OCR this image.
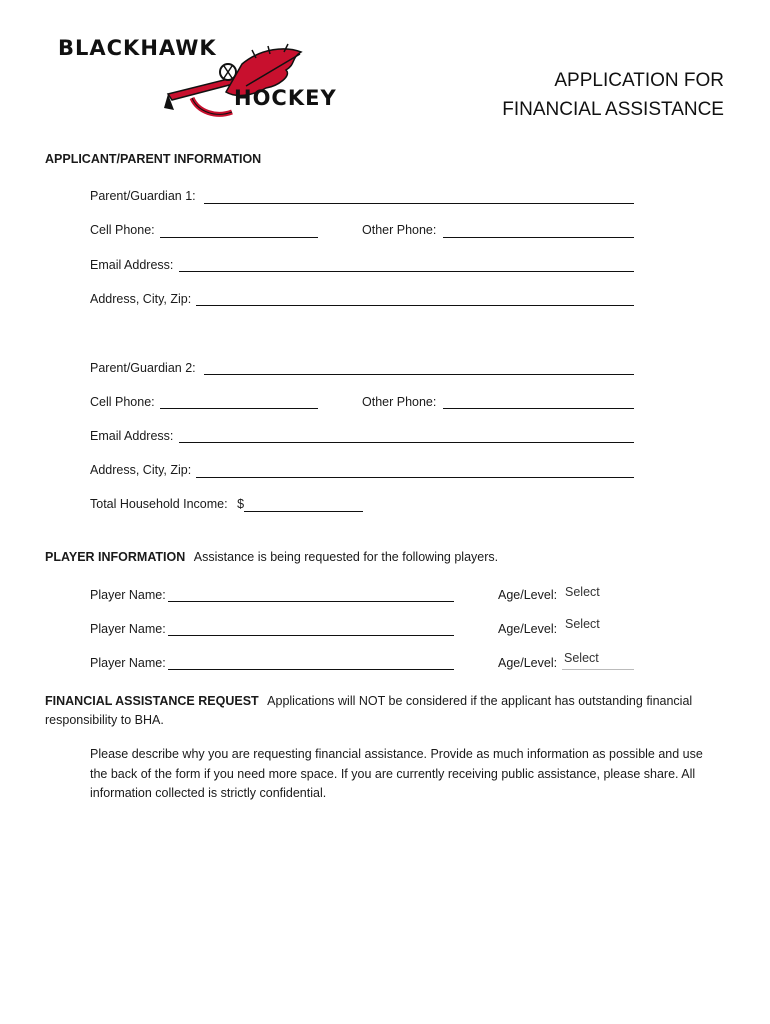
BLACKHAWK
HOCKEY
APPLICATION FOR
FINANCIAL ASSISTANCE
APPLICANT/PARENT INFORMATION
Parent/Guardian 1:
Cell Phone:	Other Phone:
Email Address:
Address, City, Zip:
Parent/Guardian 2:
Cell Phone:	Other Phone:
Email Address:
Address, City, Zip:
Total Household Income: $
PLAYER INFORMATION Assistance is being requested for the following players.
Player Name:	Age/Level: Select
Player Name:	Age/Level: Select
Player Name:	Age/Level: Select
FINANCIAL ASSISTANCE REQUEST Applications will NOT be considered if the applicant has outstanding financial
responsibility to BHA.
Please describe why you are requesting financial assistance. Provide as much information as possible and use
the back of the form if you need more space. If you are currently receiving public assistance, please share. All
information collected is strictly confidential.
